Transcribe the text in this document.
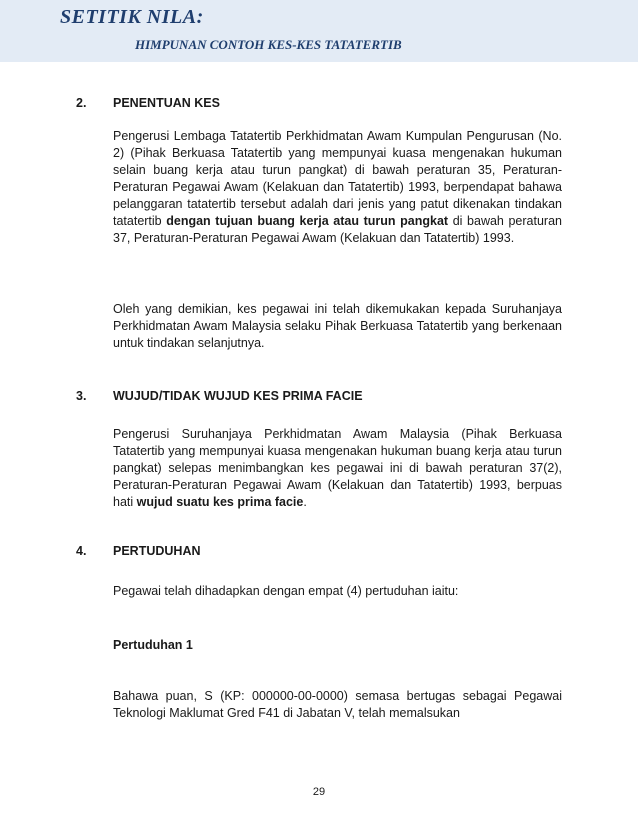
SETITIK NILA:
HIMPUNAN CONTOH KES-KES TATATERTIB
2. PENENTUAN KES
Pengerusi Lembaga Tatatertib Perkhidmatan Awam Kumpulan Pengurusan (No. 2) (Pihak Berkuasa Tatatertib yang mempunyai kuasa mengenakan hukuman selain buang kerja atau turun pangkat) di bawah peraturan 35, Peraturan-Peraturan Pegawai Awam (Kelakuan dan Tatatertib) 1993, berpendapat bahawa pelanggaran tatatertib tersebut adalah dari jenis yang patut dikenakan tindakan tatatertib dengan tujuan buang kerja atau turun pangkat di bawah peraturan 37, Peraturan-Peraturan Pegawai Awam (Kelakuan dan Tatatertib) 1993.
Oleh yang demikian, kes pegawai ini telah dikemukakan kepada Suruhanjaya Perkhidmatan Awam Malaysia selaku Pihak Berkuasa Tatatertib yang berkenaan untuk tindakan selanjutnya.
3. WUJUD/TIDAK WUJUD KES PRIMA FACIE
Pengerusi Suruhanjaya Perkhidmatan Awam Malaysia (Pihak Berkuasa Tatatertib yang mempunyai kuasa mengenakan hukuman buang kerja atau turun pangkat) selepas menimbangkan kes pegawai ini di bawah peraturan 37(2), Peraturan-Peraturan Pegawai Awam (Kelakuan dan Tatatertib) 1993, berpuas hati wujud suatu kes prima facie.
4. PERTUDUHAN
Pegawai telah dihadapkan dengan empat (4) pertuduhan iaitu:
Pertuduhan 1
Bahawa puan, S (KP: 000000-00-0000) semasa bertugas sebagai Pegawai Teknologi Maklumat Gred F41 di Jabatan V, telah memalsukan
29
